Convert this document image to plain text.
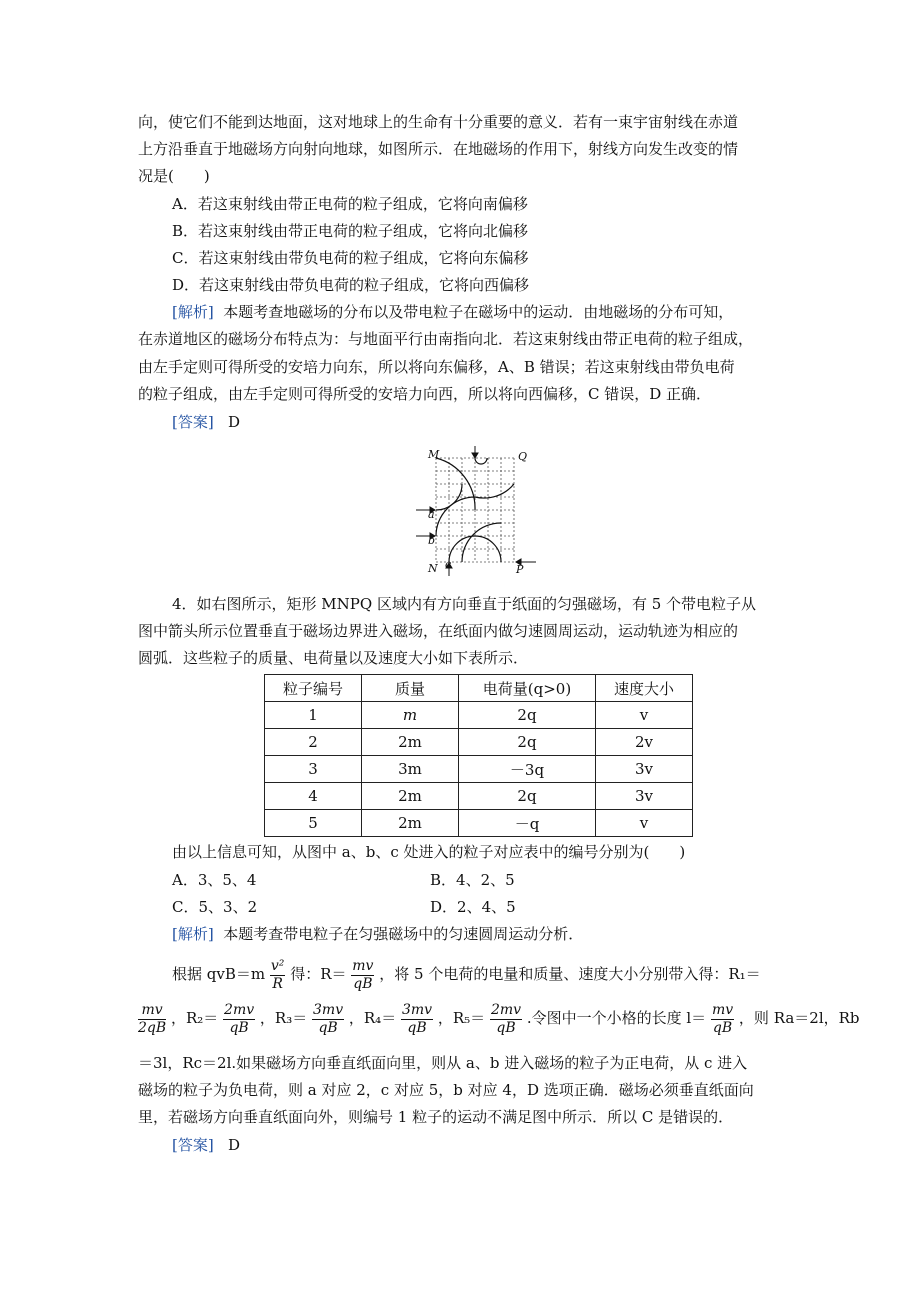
向，使它们不能到达地面，这对地球上的生命有十分重要的意义．若有一束宇宙射线在赤道
上方沿垂直于地磁场方向射向地球，如图所示．在地磁场的作用下，射线方向发生改变的情
况是(　　)
A．若这束射线由带正电荷的粒子组成，它将向南偏移
B．若这束射线由带正电荷的粒子组成，它将向北偏移
C．若这束射线由带负电荷的粒子组成，它将向东偏移
D．若这束射线由带负电荷的粒子组成，它将向西偏移
[解析] 本题考查地磁场的分布以及带电粒子在磁场中的运动．由地磁场的分布可知，
在赤道地区的磁场分布特点为：与地面平行由南指向北．若这束射线由带正电荷的粒子组成，
由左手定则可得所受的安培力向东，所以将向东偏移，A、B 错误；若这束射线由带负电荷
的粒子组成，由左手定则可得所受的安培力向西，所以将向西偏移，C 错误，D 正确．
[答案] D
M	Q
a
b
N c	P
4．如右图所示，矩形 MNPQ 区域内有方向垂直于纸面的匀强磁场，有 5 个带电粒子从
图中箭头所示位置垂直于磁场边界进入磁场，在纸面内做匀速圆周运动，运动轨迹为相应的
圆弧．这些粒子的质量、电荷量以及速度大小如下表所示．
粒子编号	质量	电荷量(q>0)	速度大小
1	m	2q	v
2	2m	2q	2v
3	3m	－3q	3v
4	2m	2q	3v
5	2m	－q	v
由以上信息可知，从图中 a、b、c 处进入的粒子对应表中的编号分别为(　　)
A．3、5、4	B．4、2、5
C．5、3、2	D．2、4、5
[解析] 本题考查带电粒子在匀强磁场中的匀速圆周运动分析．
根据 $qvB=m \frac{\text{v²}}{R}$ 得：$R= \frac{mv}{qB}$ ，将 5 个电荷的电量和质量、速度大小分别带入得：R₁＝
$\frac{mv}{2qB}$ ，$R_2= \frac{2mv}{qB}$ ，$R_3= \frac{3mv}{qB}$ ，$R_4= \frac{3mv}{qB}$ ，$R_5= \frac{2mv}{qB}$ .令图中一个小格的长度 $l= \frac{mv}{qB}$ ，则 Ra＝2l，Rb
＝3l，Rc＝2l.如果磁场方向垂直纸面向里，则从 a、b 进入磁场的粒子为正电荷，从 c 进入
磁场的粒子为负电荷，则 a 对应 2，c 对应 5，b 对应 4，D 选项正确．磁场必须垂直纸面向
里，若磁场方向垂直纸面向外，则编号 1 粒子的运动不满足图中所示．所以 C 是错误的．
[答案] D
